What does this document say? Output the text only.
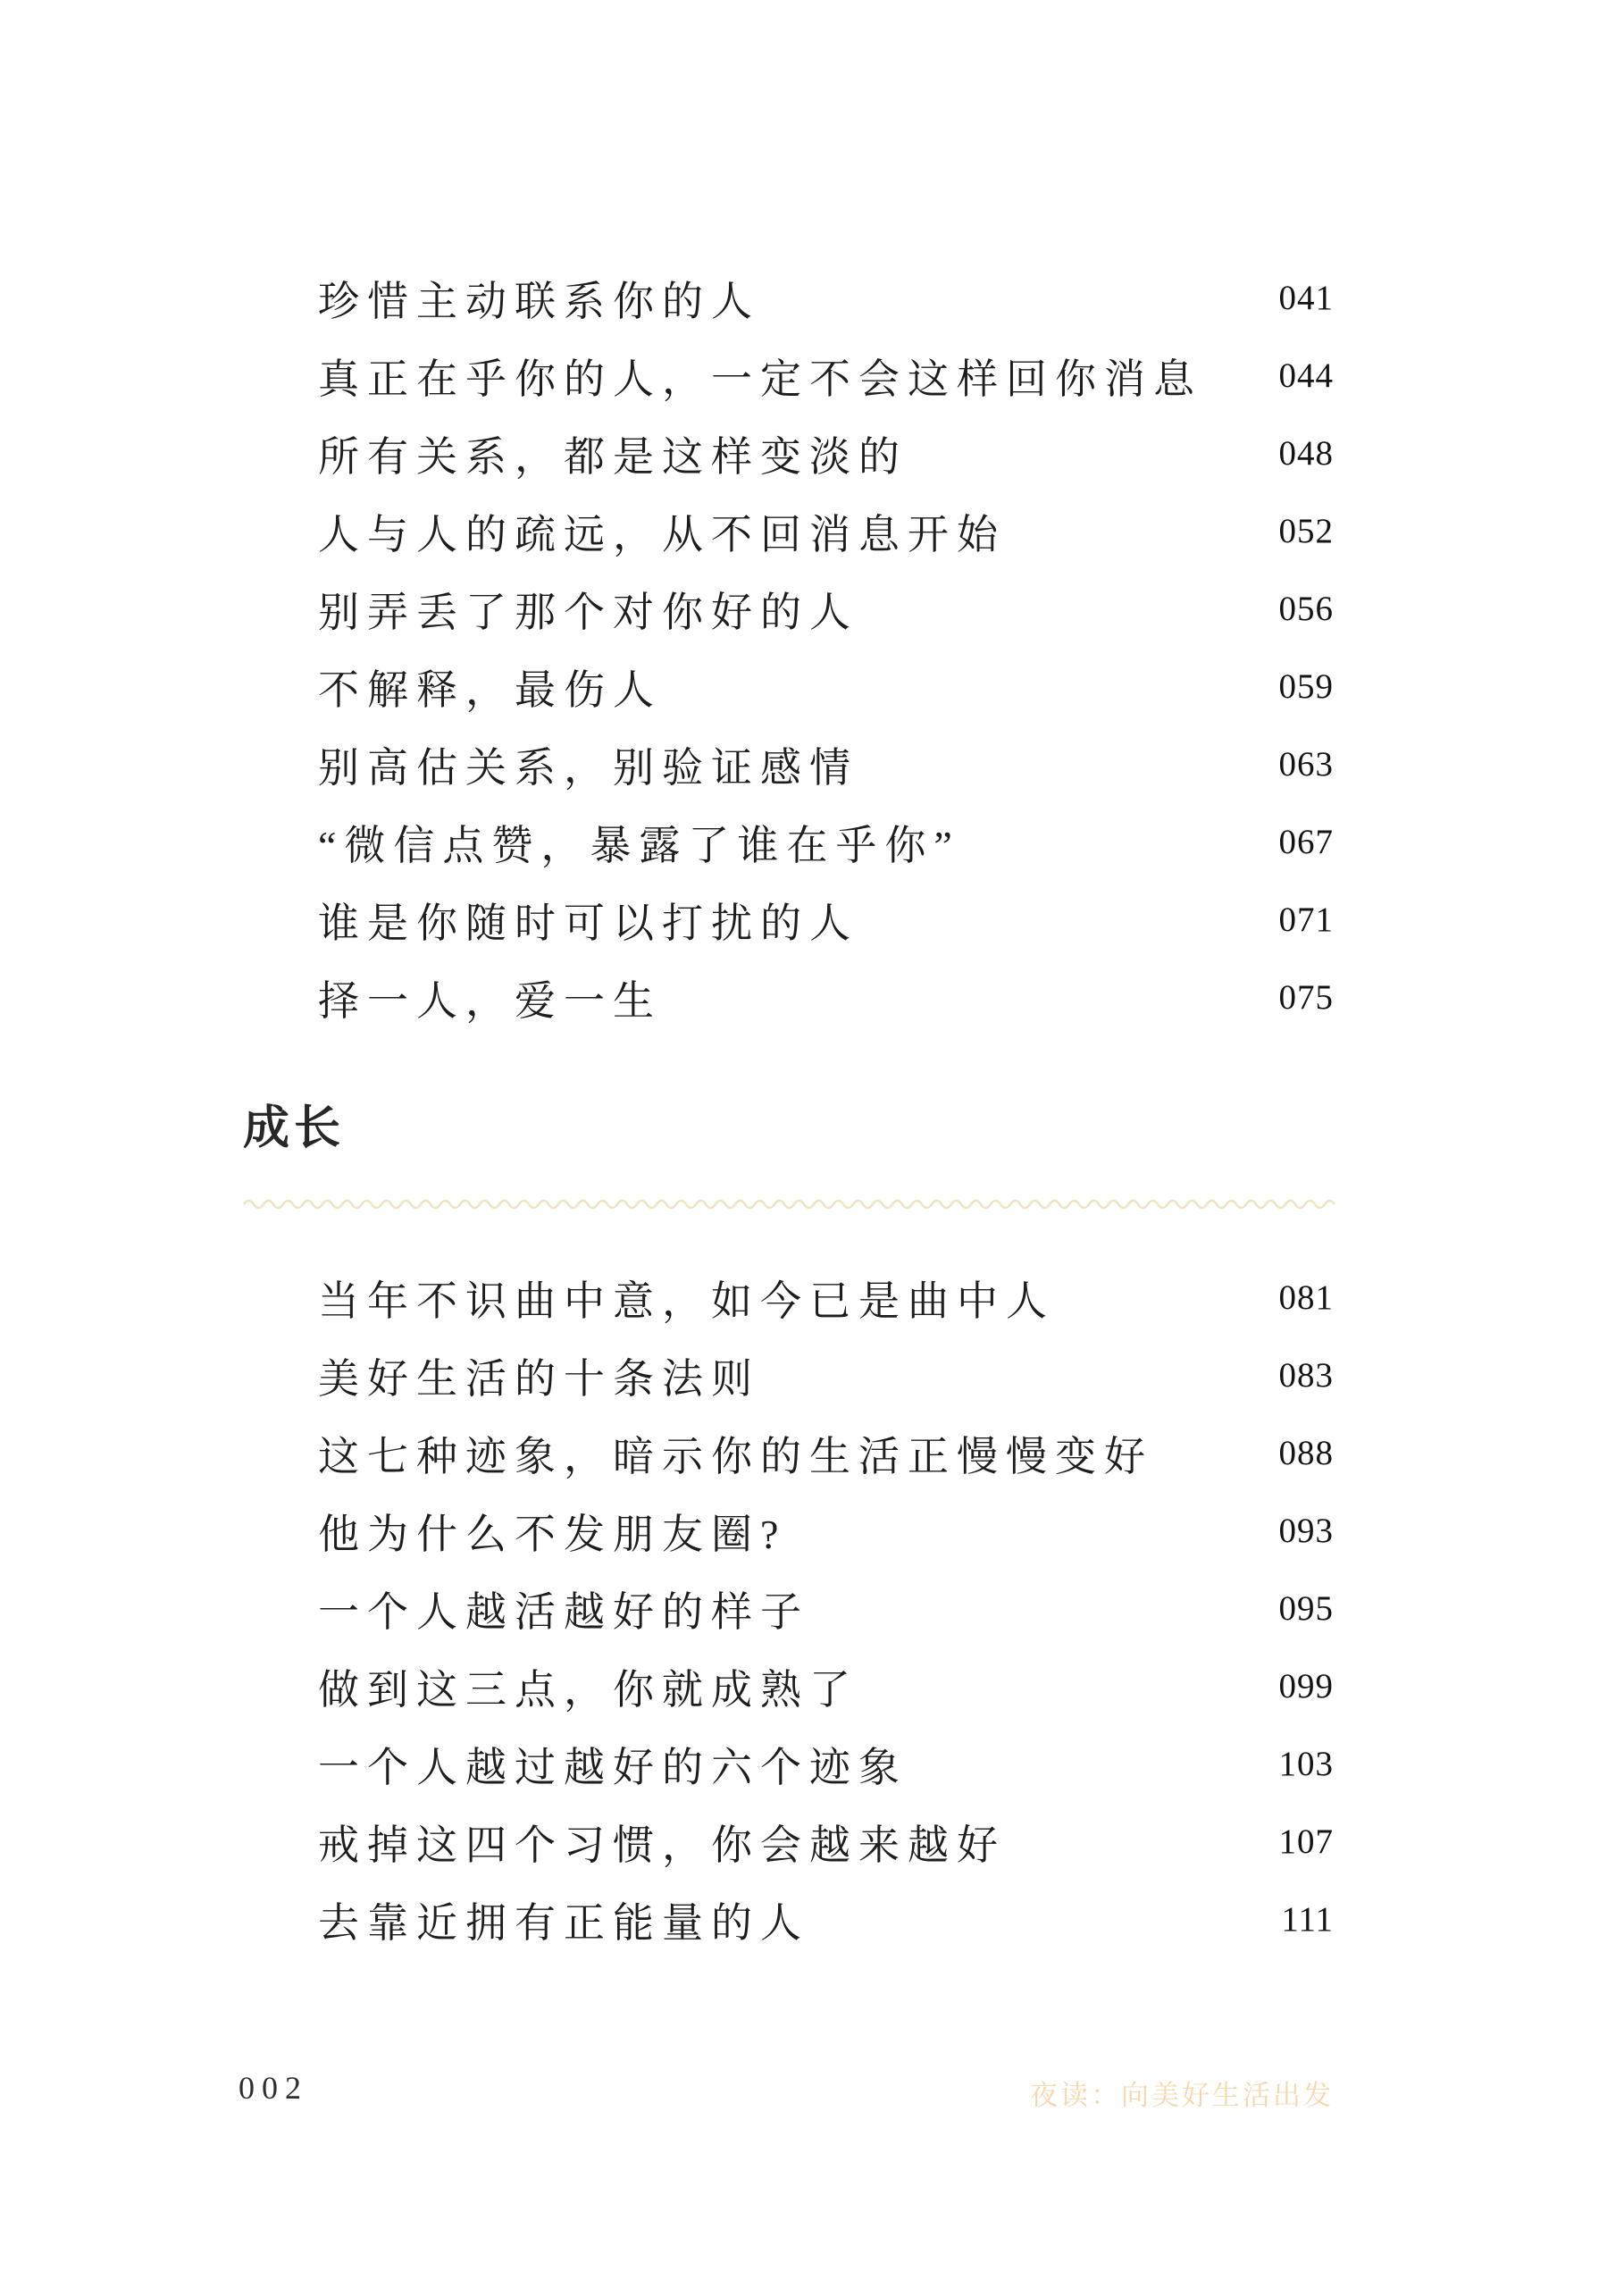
珍惜主动联系你的人	041
真正在乎你的人，一定不会这样回你消息 044
所有关系，都是这样变淡的	048
人与人的疏远，从不回消息开始	052
别弄丢了那个对你好的人	056
不解释，最伤人	059
别高估关系，别验证感情	063
“微信点赞，暴露了谁在乎你”	067
谁是你随时可以打扰的人	071
择一人，爱一生	075
成长
当年不识曲中意，如今已是曲中人	081
美好生活的十条法则	083
这七种迹象，暗示你的生活正慢慢变好	088
他为什么不发朋友圈?	093
一个人越活越好的样子	095
做到这三点，你就成熟了	099
一个人越过越好的六个迹象	103
戒掉这四个习惯，你会越来越好	107
去靠近拥有正能量的人	111
002	夜读：向美好生活出发
